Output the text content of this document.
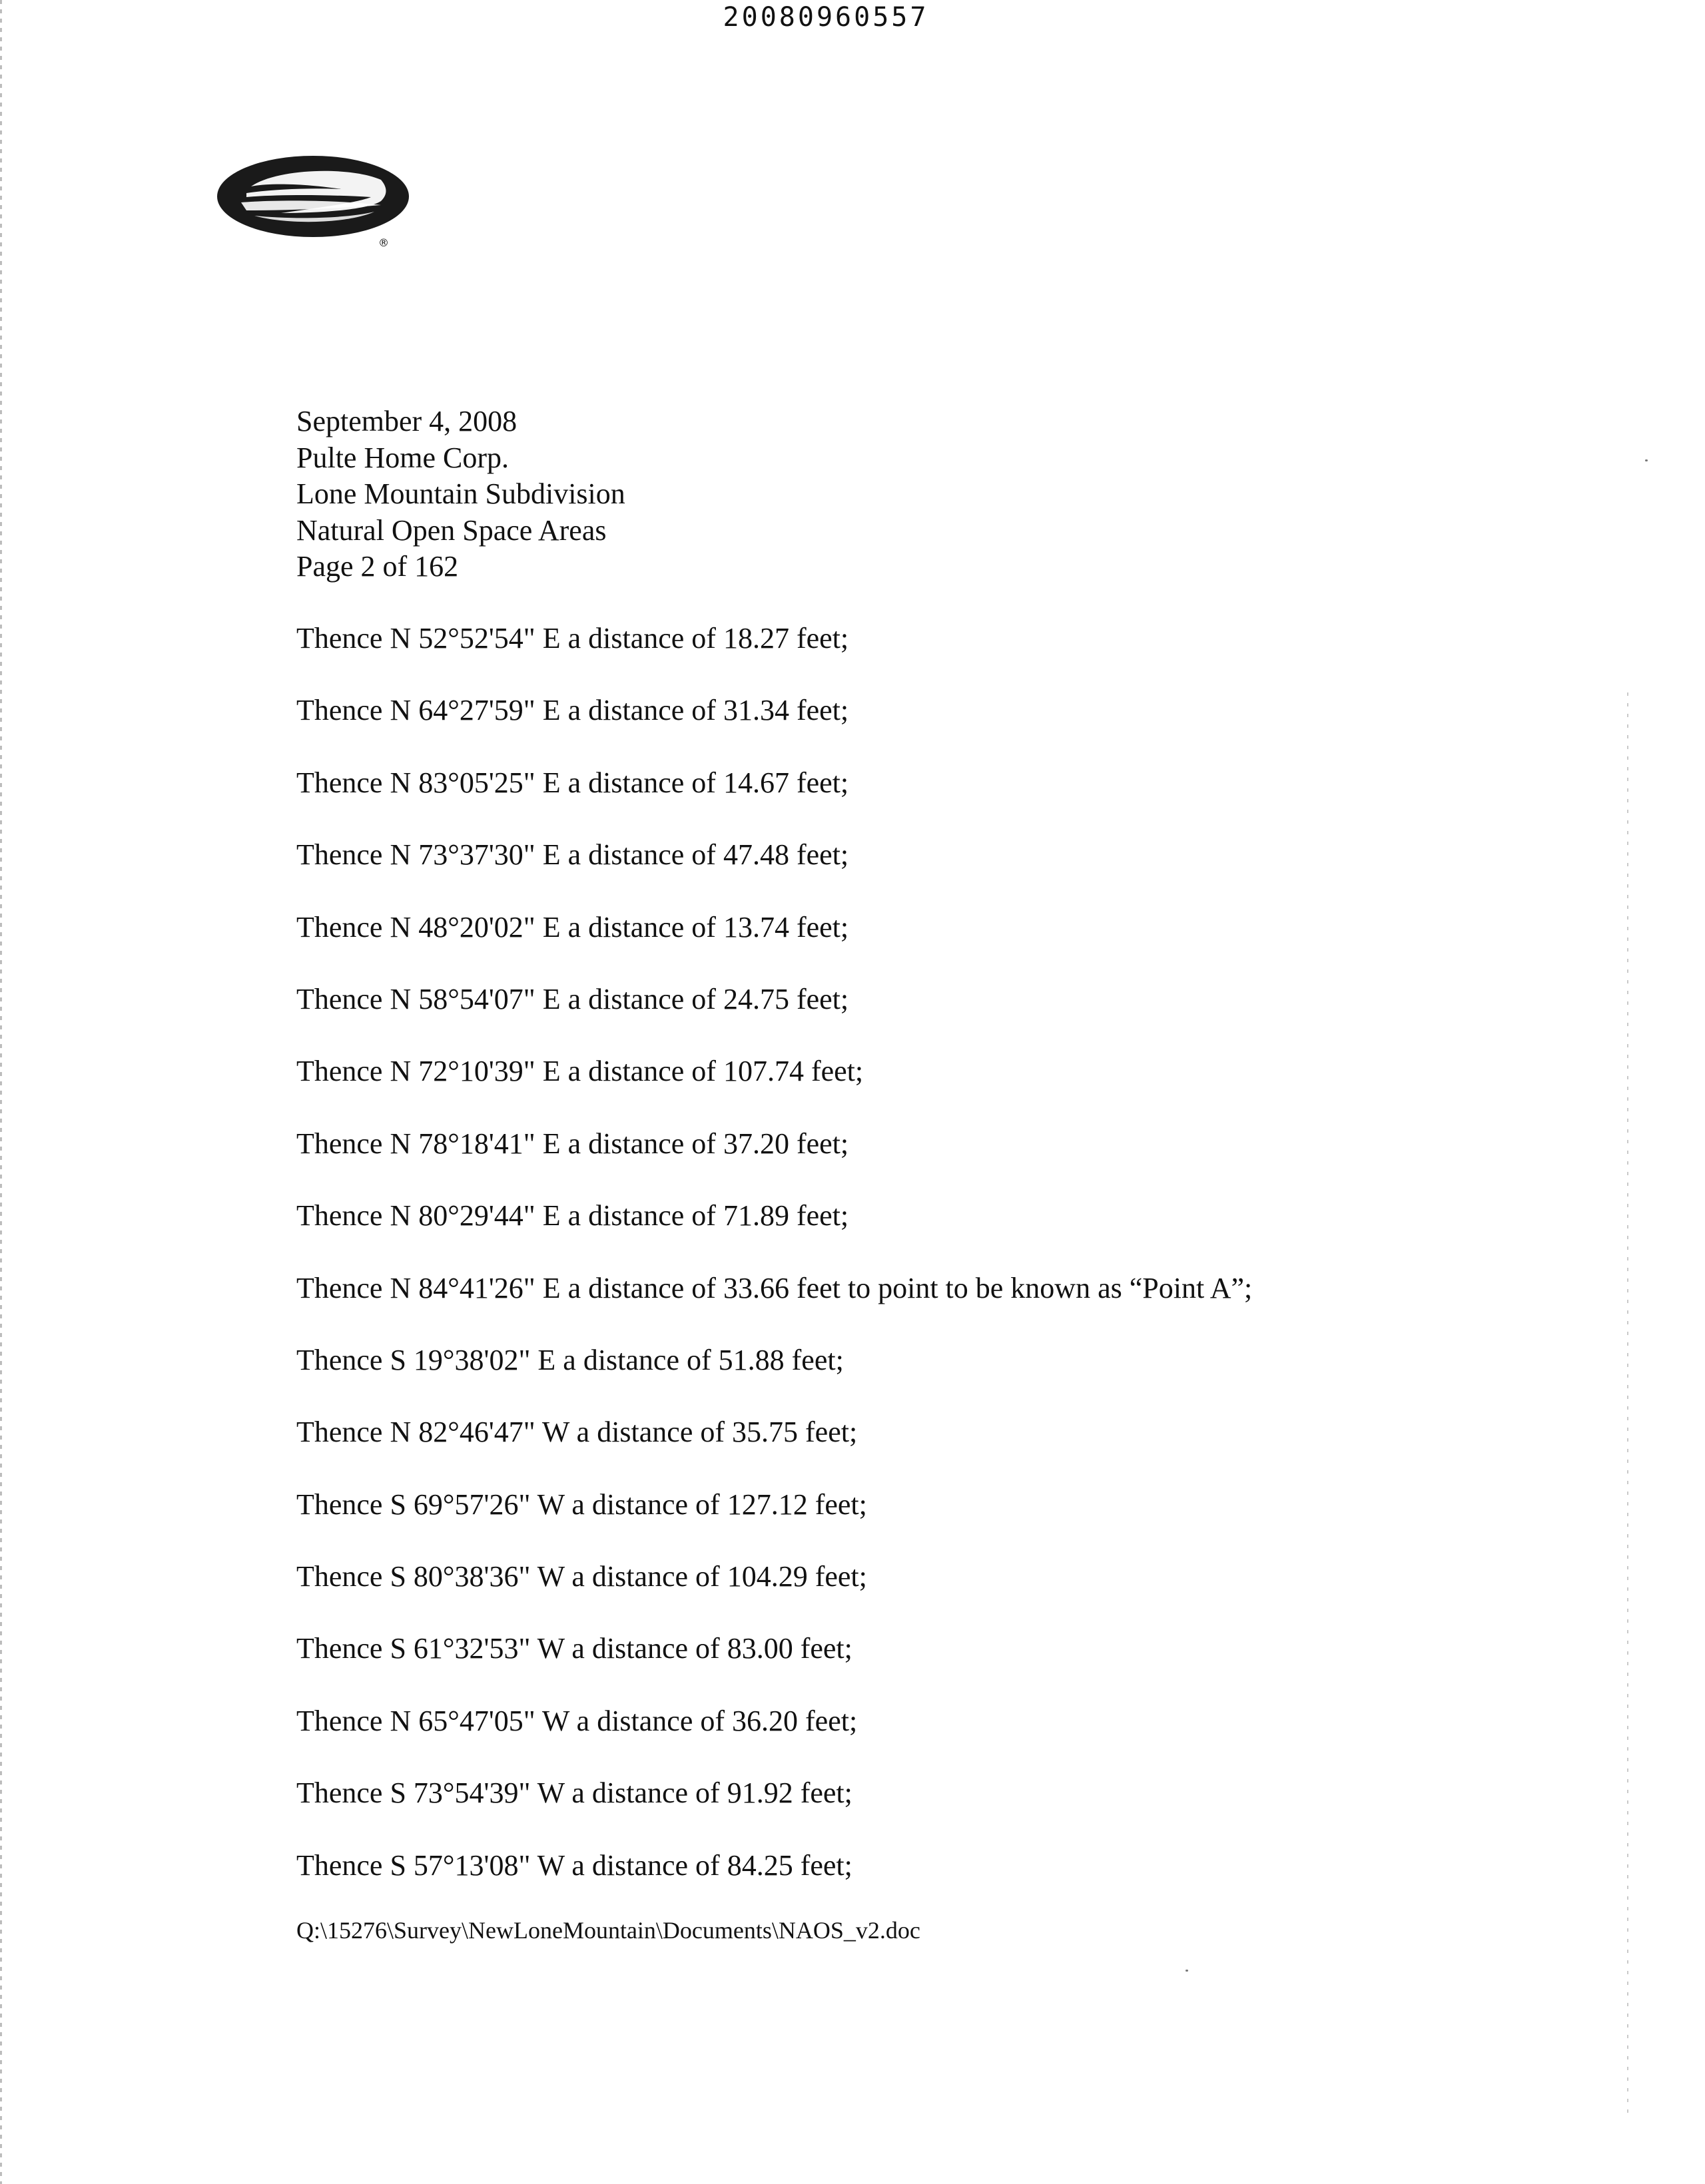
20080960557
®
September 4, 2008
Pulte Home Corp.
Lone Mountain Subdivision
Natural Open Space Areas
Page 2 of 162
Thence N 52°52'54" E a distance of 18.27 feet;
Thence N 64°27'59" E a distance of 31.34 feet;
Thence N 83°05'25" E a distance of 14.67 feet;
Thence N 73°37'30" E a distance of 47.48 feet;
Thence N 48°20'02" E a distance of 13.74 feet;
Thence N 58°54'07" E a distance of 24.75 feet;
Thence N 72°10'39" E a distance of 107.74 feet;
Thence N 78°18'41" E a distance of 37.20 feet;
Thence N 80°29'44" E a distance of 71.89 feet;
Thence N 84°41'26" E a distance of 33.66 feet to point to be known as “Point A”;
Thence S 19°38'02" E a distance of 51.88 feet;
Thence N 82°46'47" W a distance of 35.75 feet;
Thence S 69°57'26" W a distance of 127.12 feet;
Thence S 80°38'36" W a distance of 104.29 feet;
Thence S 61°32'53" W a distance of 83.00 feet;
Thence N 65°47'05" W a distance of 36.20 feet;
Thence S 73°54'39" W a distance of 91.92 feet;
Thence S 57°13'08" W a distance of 84.25 feet;
Q:\15276\Survey\NewLoneMountain\Documents\NAOS_v2.doc
